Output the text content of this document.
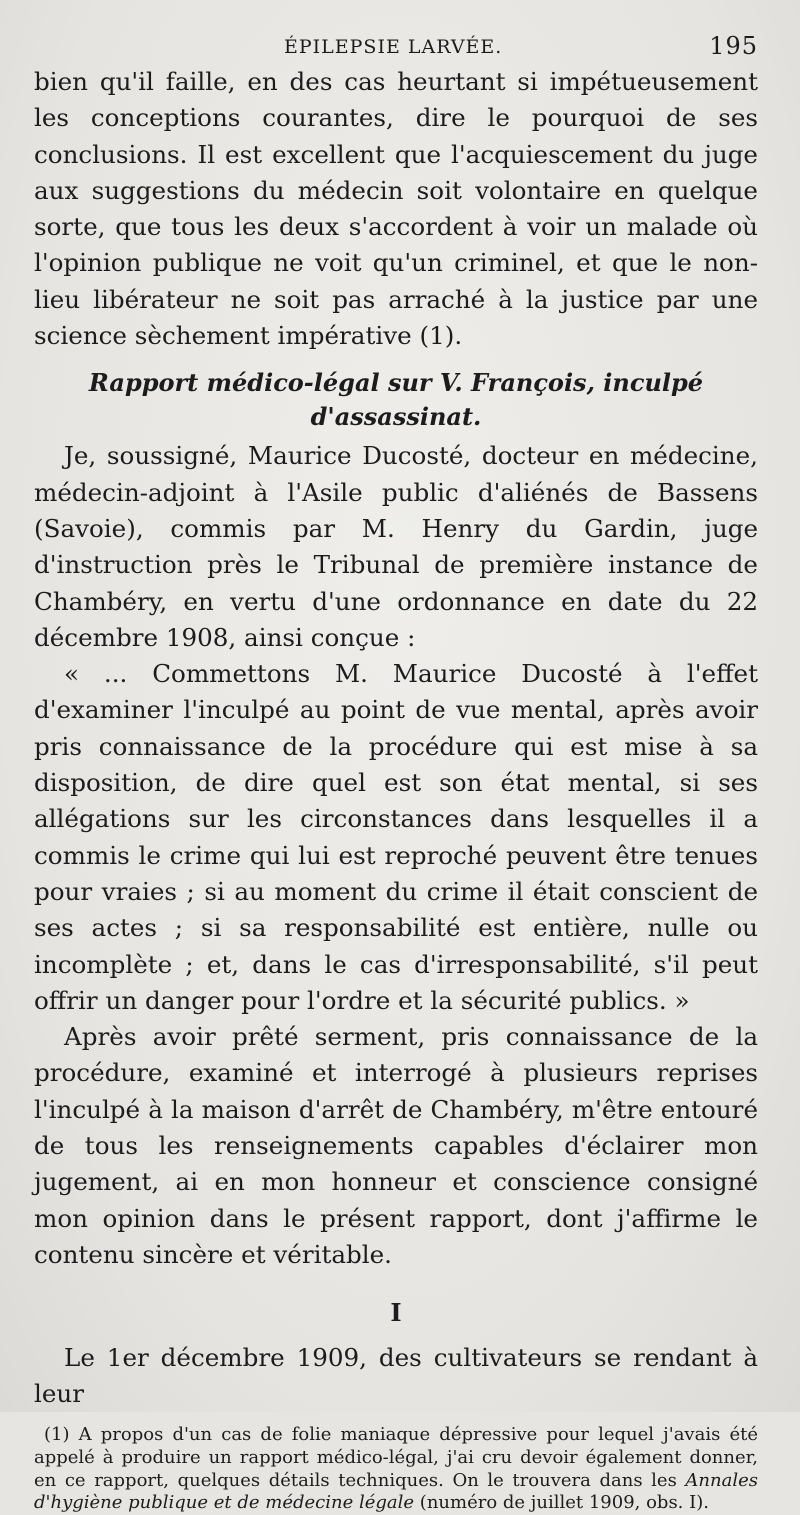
ÉPILEPSIE LARVÉE.	195

bien qu'il faille, en des cas heurtant si impétueusement les conceptions courantes, dire le pourquoi de ses conclusions. Il est excellent que l'acquiescement du juge aux suggestions du médecin soit volontaire en quelque sorte, que tous les deux s'accordent à voir un malade où l'opinion publique ne voit qu'un criminel, et que le non-lieu libérateur ne soit pas arraché à la justice par une science sèchement impérative (1).

Rapport médico-légal sur V. François, inculpé d'assassinat.

Je, soussigné, Maurice Ducosté, docteur en médecine, médecin-adjoint à l'Asile public d'aliénés de Bassens (Savoie), commis par M. Henry du Gardin, juge d'instruction près le Tribunal de première instance de Chambéry, en vertu d'une ordonnance en date du 22 décembre 1908, ainsi conçue :

« ... Commettons M. Maurice Ducosté à l'effet d'examiner l'inculpé au point de vue mental, après avoir pris connaissance de la procédure qui est mise à sa disposition, de dire quel est son état mental, si ses allégations sur les circonstances dans lesquelles il a commis le crime qui lui est reproché peuvent être tenues pour vraies ; si au moment du crime il était conscient de ses actes ; si sa responsabilité est entière, nulle ou incomplète ; et, dans le cas d'irresponsabilité, s'il peut offrir un danger pour l'ordre et la sécurité publics. »

Après avoir prêté serment, pris connaissance de la procédure, examiné et interrogé à plusieurs reprises l'inculpé à la maison d'arrêt de Chambéry, m'être entouré de tous les renseignements capables d'éclairer mon jugement, ai en mon honneur et conscience consigné mon opinion dans le présent rapport, dont j'affirme le contenu sincère et véritable.

I

Le 1er décembre 1909, des cultivateurs se rendant à leur

(1) A propos d'un cas de folie maniaque dépressive pour lequel j'avais été appelé à produire un rapport médico-légal, j'ai cru devoir également donner, en ce rapport, quelques détails techniques. On le trouvera dans les Annales d'hygiène publique et de médecine légale (numéro de juillet 1909, obs. I).
